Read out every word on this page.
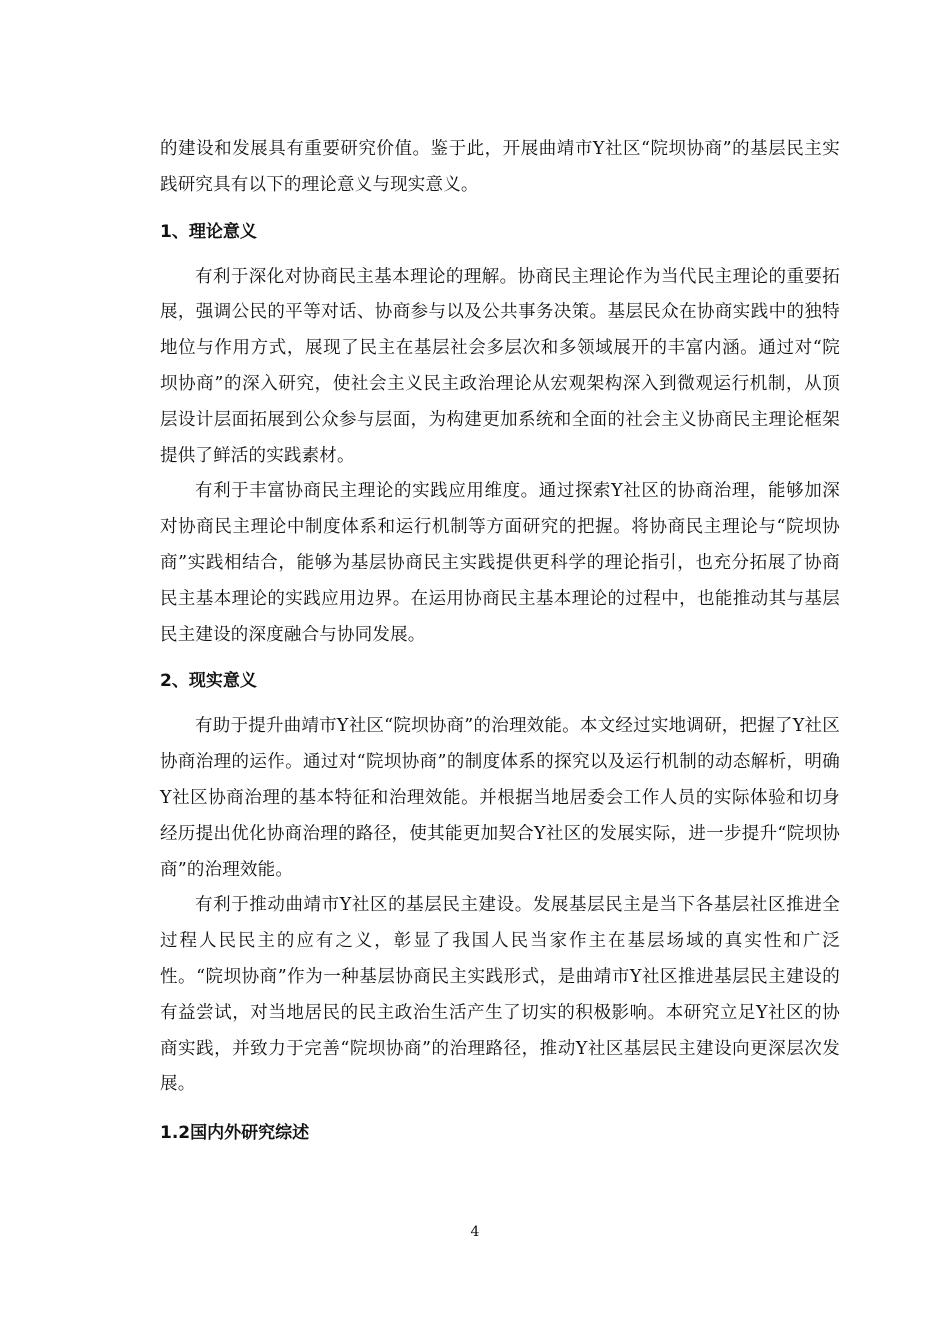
的建设和发展具有重要研究价值。鉴于此，开展曲靖市Y社区“院坝协商”的基层民主实践研究具有以下的理论意义与现实意义。

1、理论意义

有利于深化对协商民主基本理论的理解。协商民主理论作为当代民主理论的重要拓展，强调公民的平等对话、协商参与以及公共事务决策。基层民众在协商实践中的独特地位与作用方式，展现了民主在基层社会多层次和多领域展开的丰富内涵。通过对“院坝协商”的深入研究，使社会主义民主政治理论从宏观架构深入到微观运行机制，从顶层设计层面拓展到公众参与层面，为构建更加系统和全面的社会主义协商民主理论框架提供了鲜活的实践素材。

有利于丰富协商民主理论的实践应用维度。通过探索Y社区的协商治理，能够加深对协商民主理论中制度体系和运行机制等方面研究的把握。将协商民主理论与“院坝协商”实践相结合，能够为基层协商民主实践提供更科学的理论指引，也充分拓展了协商民主基本理论的实践应用边界。在运用协商民主基本理论的过程中，也能推动其与基层民主建设的深度融合与协同发展。

2、现实意义

有助于提升曲靖市Y社区“院坝协商”的治理效能。本文经过实地调研，把握了Y社区协商治理的运作。通过对“院坝协商”的制度体系的探究以及运行机制的动态解析，明确Y社区协商治理的基本特征和治理效能。并根据当地居委会工作人员的实际体验和切身经历提出优化协商治理的路径，使其能更加契合Y社区的发展实际，进一步提升“院坝协商”的治理效能。

有利于推动曲靖市Y社区的基层民主建设。发展基层民主是当下各基层社区推进全过程人民民主的应有之义，彰显了我国人民当家作主在基层场域的真实性和广泛性。“院坝协商”作为一种基层协商民主实践形式，是曲靖市Y社区推进基层民主建设的有益尝试，对当地居民的民主政治生活产生了切实的积极影响。本研究立足Y社区的协商实践，并致力于完善“院坝协商”的治理路径，推动Y社区基层民主建设向更深层次发展。

1.2国内外研究综述
4
